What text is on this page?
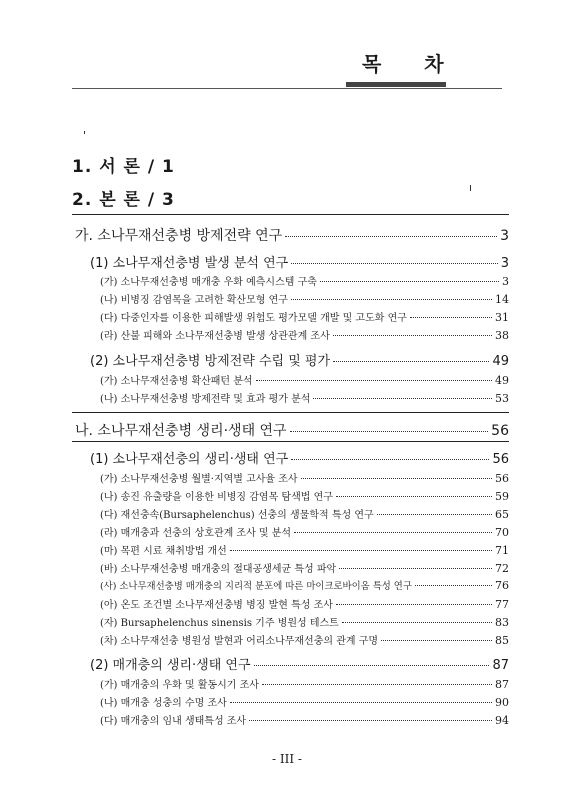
목 차
1. 서 론 / 1
2. 본 론 / 3
가. 소나무재선충병 방제전략 연구	3
(1) 소나무재선충병 발생 분석 연구	3
(가) 소나무재선충병 매개충 우화 예측시스템 구축	3
(나) 비병징 감염목을 고려한 확산모형 연구	14
(다) 다중인자를 이용한 피해발생 위험도 평가모델 개발 및 고도화 연구	31
(라) 산불 피해와 소나무재선충병 발생 상관관계 조사	38
(2) 소나무재선충병 방제전략 수립 및 평가	49
(가) 소나무재선충병 확산패턴 분석	49
(나) 소나무재선충병 방제전략 및 효과 평가 분석	53
나. 소나무재선충병 생리·생태 연구	56
(1) 소나무재선충의 생리·생태 연구	56
(가) 소나무재선충병 월별·지역별 고사율 조사	56
(나) 송진 유출량을 이용한 비병징 감염목 탐색법 연구	59
(다) 재선충속(Bursaphelenchus) 선충의 생물학적 특성 연구	65
(라) 매개충과 선충의 상호관계 조사 및 분석	70
(마) 목편 시료 채취방법 개선	71
(바) 소나무재선충병 매개충의 절대공생세균 특성 파악	72
(사) 소나무재선충병 매개충의 지리적 분포에 따른 마이크로바이옴 특성 연구	76
(아) 온도 조건별 소나무재선충병 병징 발현 특성 조사	77
(자) Bursaphelenchus sinensis 기주 병원성 테스트	83
(차) 소나무재선충 병원성 발현과 어리소나무재선충의 관계 구명	85
(2) 매개충의 생리·생태 연구	87
(가) 매개충의 우화 및 활동시기 조사	87
(나) 매개충 성충의 수명 조사	90
(다) 매개충의 임내 생태특성 조사	94
- III -
